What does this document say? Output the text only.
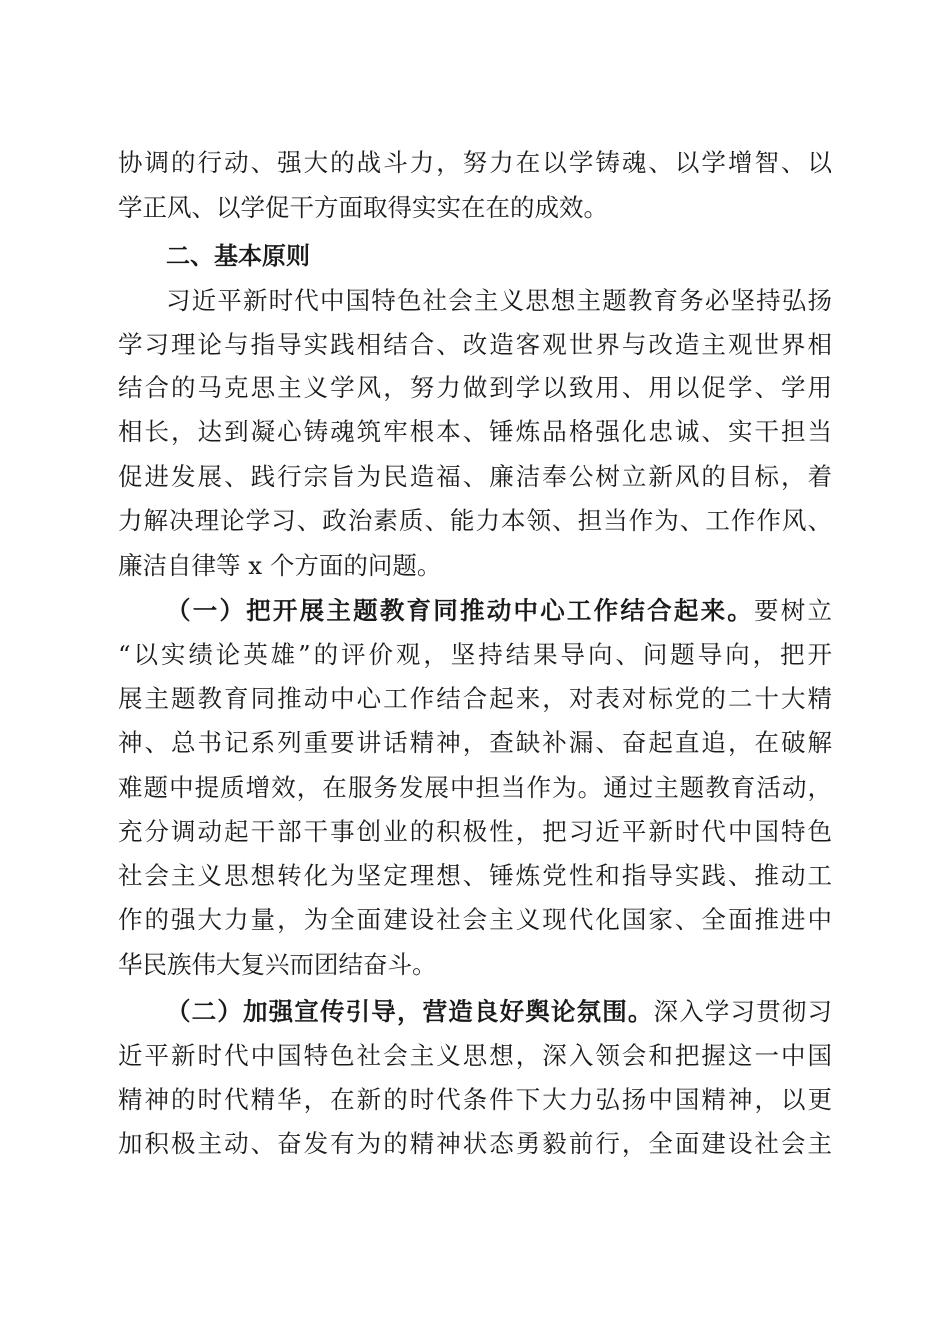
协调的行动、强大的战斗力，努力在以学铸魂、以学增智、以
学正风、以学促干方面取得实实在在的成效。
二、基本原则
习近平新时代中国特色社会主义思想主题教育务必坚持弘扬
学习理论与指导实践相结合、改造客观世界与改造主观世界相
结合的马克思主义学风，努力做到学以致用、用以促学、学用
相长，达到凝心铸魂筑牢根本、锤炼品格强化忠诚、实干担当
促进发展、践行宗旨为民造福、廉洁奉公树立新风的目标，着
力解决理论学习、政治素质、能力本领、担当作为、工作作风、
廉洁自律等 x 个方面的问题。
（一）把开展主题教育同推动中心工作结合起来。要树立
“以实绩论英雄”的评价观，坚持结果导向、问题导向，把开
展主题教育同推动中心工作结合起来，对表对标党的二十大精
神、总书记系列重要讲话精神，查缺补漏、奋起直追，在破解
难题中提质增效，在服务发展中担当作为。通过主题教育活动，
充分调动起干部干事创业的积极性，把习近平新时代中国特色
社会主义思想转化为坚定理想、锤炼党性和指导实践、推动工
作的强大力量，为全面建设社会主义现代化国家、全面推进中
华民族伟大复兴而团结奋斗。
（二）加强宣传引导，营造良好舆论氛围。深入学习贯彻习
近平新时代中国特色社会主义思想，深入领会和把握这一中国
精神的时代精华，在新的时代条件下大力弘扬中国精神，以更
加积极主动、奋发有为的精神状态勇毅前行，全面建设社会主
